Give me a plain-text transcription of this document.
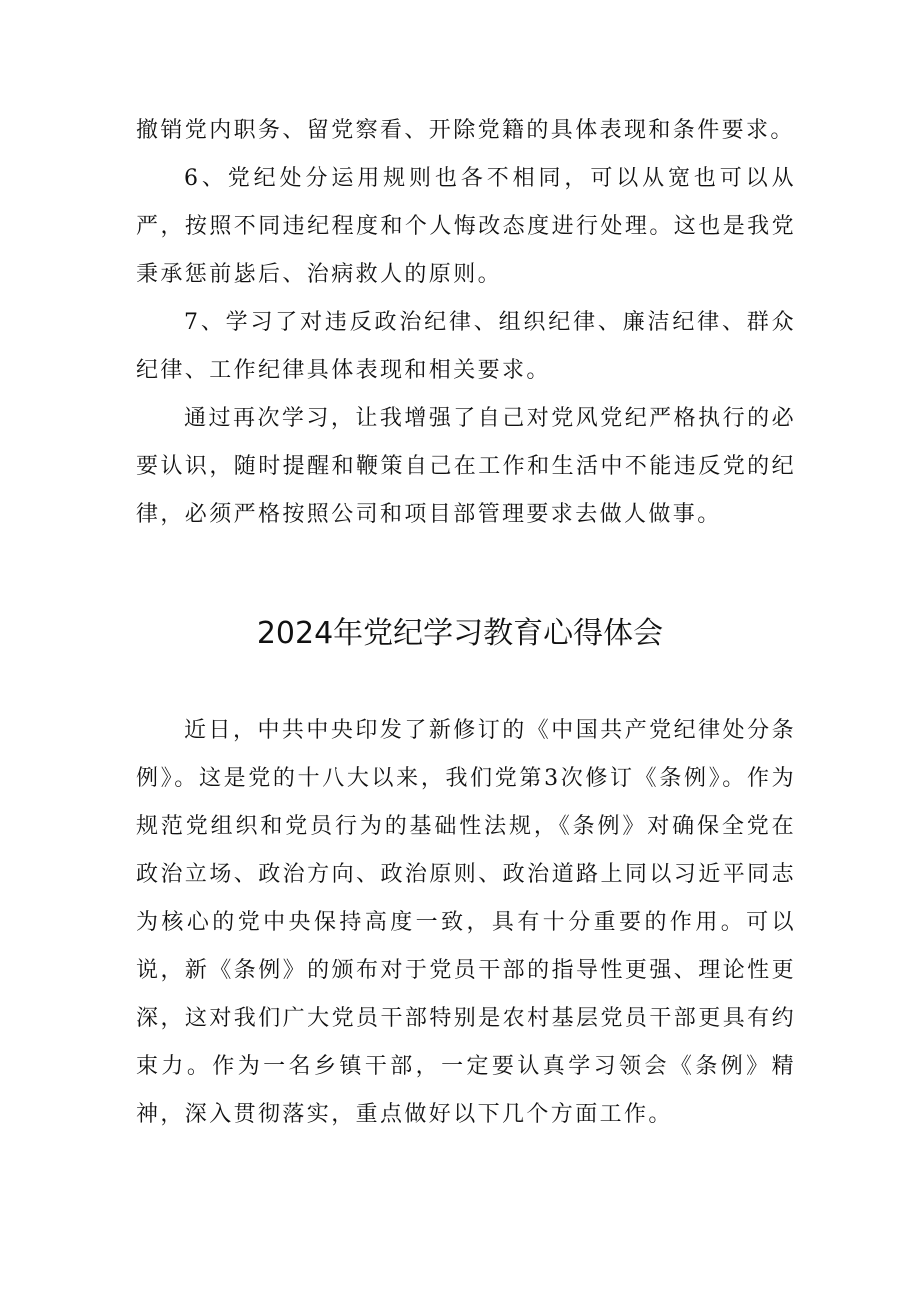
撤销党内职务、留党察看、开除党籍的具体表现和条件要求。

6、党纪处分运用规则也各不相同，可以从宽也可以从严，按照不同违纪程度和个人悔改态度进行处理。这也是我党秉承惩前毖后、治病救人的原则。

7、学习了对违反政治纪律、组织纪律、廉洁纪律、群众纪律、工作纪律具体表现和相关要求。

通过再次学习，让我增强了自己对党风党纪严格执行的必要认识，随时提醒和鞭策自己在工作和生活中不能违反党的纪律，必须严格按照公司和项目部管理要求去做人做事。

2024年党纪学习教育心得体会

近日，中共中央印发了新修订的《中国共产党纪律处分条例》。这是党的十八大以来，我们党第3次修订《条例》。作为规范党组织和党员行为的基础性法规，《条例》对确保全党在政治立场、政治方向、政治原则、政治道路上同以习近平同志为核心的党中央保持高度一致，具有十分重要的作用。可以说，新《条例》的颁布对于党员干部的指导性更强、理论性更深，这对我们广大党员干部特别是农村基层党员干部更具有约束力。作为一名乡镇干部，一定要认真学习领会《条例》精神，深入贯彻落实，重点做好以下几个方面工作。
